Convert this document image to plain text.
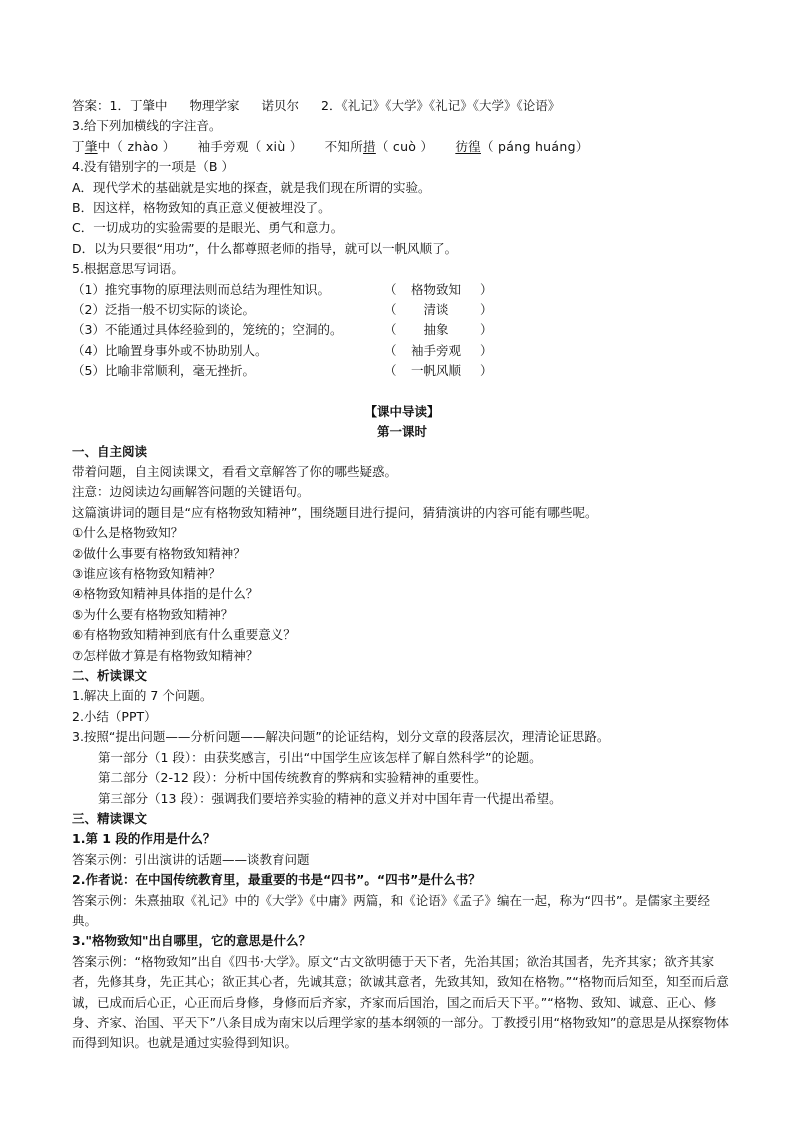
答案：1．丁肇中 物理学家 诺贝尔 2．《礼记》《大学》《礼记》《大学》《论语》
3.给下列加横线的字注音。
丁肇中（ zhào ） 袖手旁观（ xiù ） 不知所措（ cuò ） 彷徨（ páng huáng）
4.没有错别字的一项是（B ）
A．现代学术的基础就是实地的探查，就是我们现在所谓的实验。
B．因这样，格物致知的真正意义便被埋没了。
C．一切成功的实验需要的是眼光、勇气和意力。
D．以为只要很“用功”，什么都尊照老师的指导，就可以一帆风顺了。
5.根据意思写词语。
（1）推究事物的原理法则而总结为理性知识。	（	格物致知	）
（2）泛指一般不切实际的谈论。	（	清谈	）
（3）不能通过具体经验到的，笼统的；空洞的。	（	抽象	）
（4）比喻置身事外或不协助别人。	（	袖手旁观	）
（5）比喻非常顺利，毫无挫折。	（	一帆风顺	）
【课中导读】
第一课时
一、自主阅读
带着问题，自主阅读课文，看看文章解答了你的哪些疑惑。
注意：边阅读边勾画解答问题的关键语句。
这篇演讲词的题目是“应有格物致知精神”，围绕题目进行提问，猜猜演讲的内容可能有哪些呢。
①什么是格物致知？
②做什么事要有格物致知精神？
③谁应该有格物致知精神？
④格物致知精神具体指的是什么？
⑤为什么要有格物致知精神？
⑥有格物致知精神到底有什么重要意义？
⑦怎样做才算是有格物致知精神？
二、析读课文
1.解决上面的 7 个问题。
2.小结（PPT）
3.按照“提出问题——分析问题——解决问题”的论证结构，划分文章的段落层次，理清论证思路。
第一部分（1 段）：由获奖感言，引出“中国学生应该怎样了解自然科学”的论题。
第二部分（2-12 段）：分析中国传统教育的弊病和实验精神的重要性。
第三部分（13 段）：强调我们要培养实验的精神的意义并对中国年青一代提出希望。
三、精读课文
1.第 1 段的作用是什么？
答案示例：引出演讲的话题——谈教育问题
2.作者说：在中国传统教育里，最重要的书是“四书”。“四书”是什么书？
答案示例：朱熹抽取《礼记》中的《大学》《中庸》两篇，和《论语》《孟子》编在一起，称为“四书”。是儒家主要经典。
3."格物致知"出自哪里，它的意思是什么？
答案示例：“格物致知”出自《四书·大学》。原文“古文欲明德于天下者，先治其国；欲治其国者，先齐其家；欲齐其家者，先修其身，先正其心；欲正其心者，先诚其意；欲诚其意者，先致其知，致知在格物。”“格物而后知至，知至而后意诚，已成而后心正，心正而后身修，身修而后齐家，齐家而后国治，国之而后天下平。”“格物、致知、诚意、正心、修身、齐家、治国、平天下”八条目成为南宋以后理学家的基本纲领的一部分。丁教授引用“格物致知”的意思是从探察物体而得到知识。也就是通过实验得到知识。
